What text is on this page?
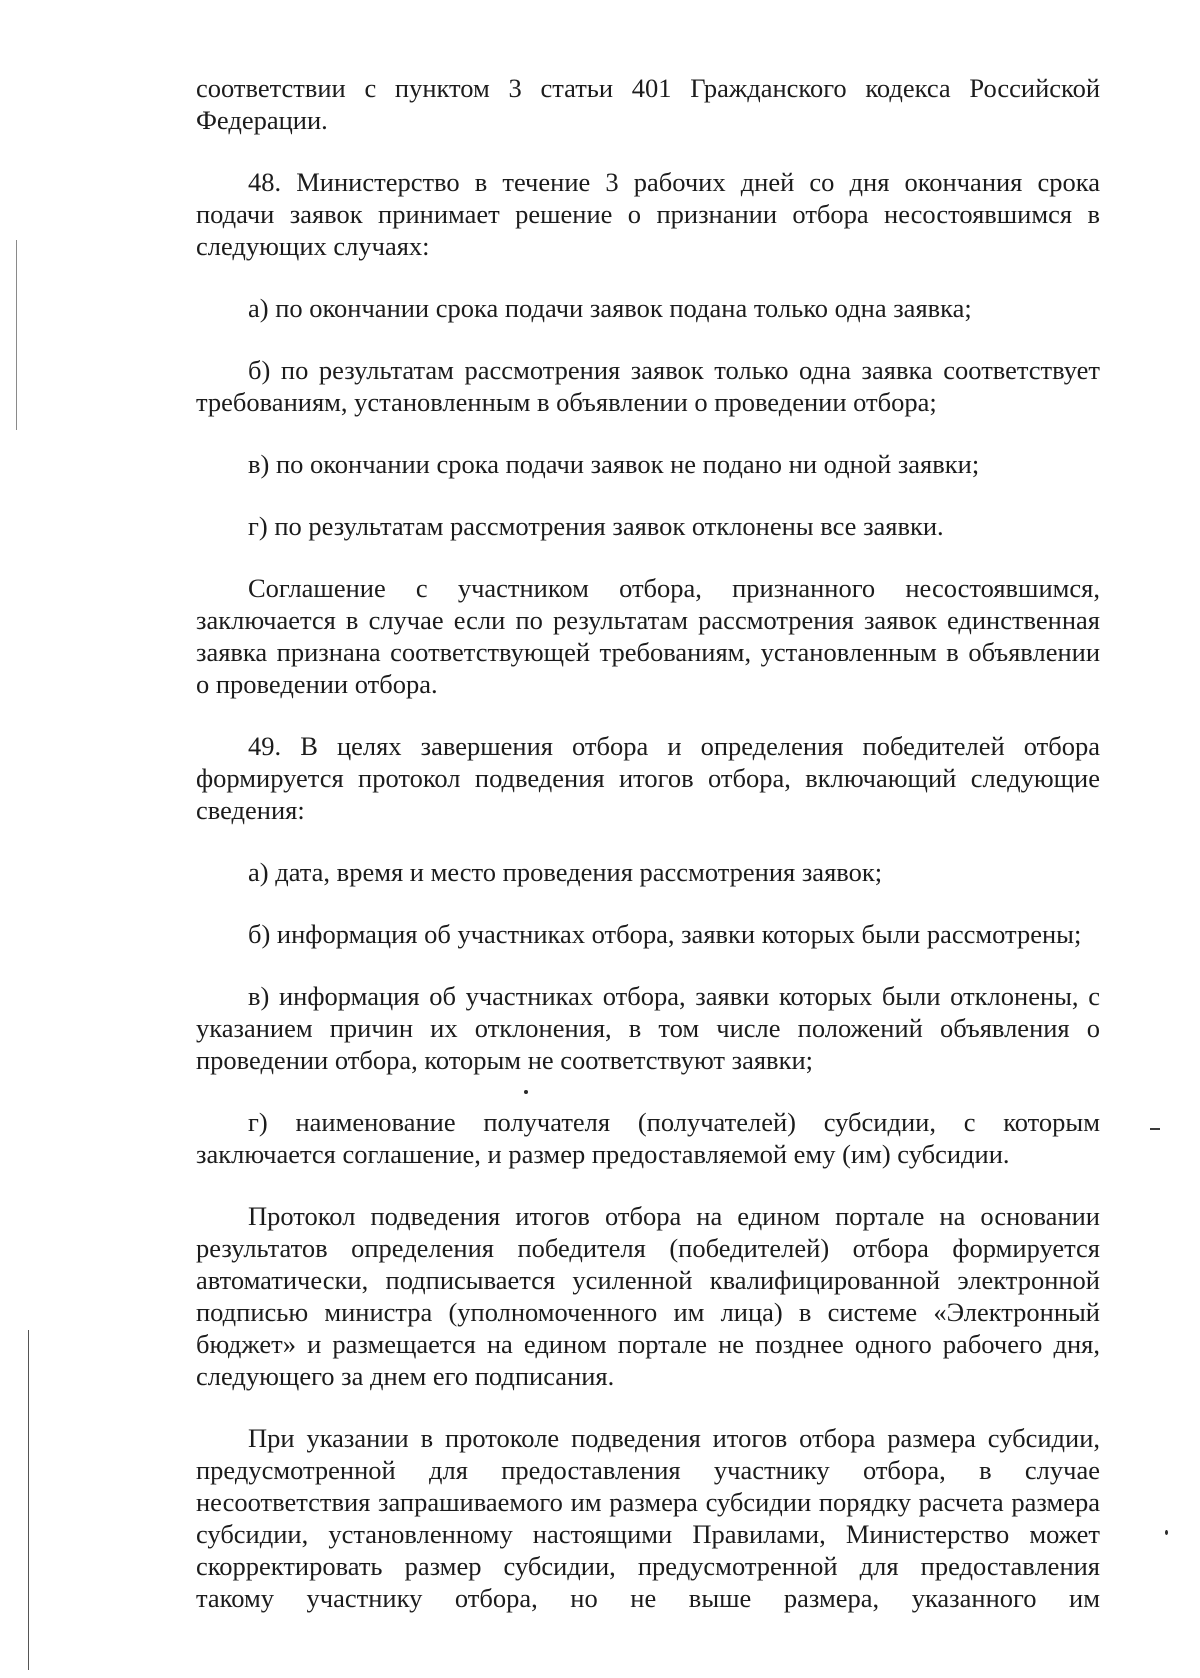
соответствии с пунктом 3 статьи 401 Гражданского кодекса Российской Федерации.

48. Министерство в течение 3 рабочих дней со дня окончания срока подачи заявок принимает решение о признании отбора несостоявшимся в следующих случаях:

а) по окончании срока подачи заявок подана только одна заявка;

б) по результатам рассмотрения заявок только одна заявка соответствует требованиям, установленным в объявлении о проведении отбора;

в) по окончании срока подачи заявок не подано ни одной заявки;

г) по результатам рассмотрения заявок отклонены все заявки.

Соглашение с участником отбора, признанного несостоявшимся, заключается в случае если по результатам рассмотрения заявок единственная заявка признана соответствующей требованиям, установленным в объявлении о проведении отбора.

49. В целях завершения отбора и определения победителей отбора формируется протокол подведения итогов отбора, включающий следующие сведения:

а) дата, время и место проведения рассмотрения заявок;

б) информация об участниках отбора, заявки которых были рассмотрены;

в) информация об участниках отбора, заявки которых были отклонены, с указанием причин их отклонения, в том числе положений объявления о проведении отбора, которым не соответствуют заявки;

г) наименование получателя (получателей) субсидии, с которым заключается соглашение, и размер предоставляемой ему (им) субсидии.

Протокол подведения итогов отбора на едином портале на основании результатов определения победителя (победителей) отбора формируется автоматически, подписывается усиленной квалифицированной электронной подписью министра (уполномоченного им лица) в системе «Электронный бюджет» и размещается на едином портале не позднее одного рабочего дня, следующего за днем его подписания.

При указании в протоколе подведения итогов отбора размера субсидии, предусмотренной для предоставления участнику отбора, в случае несоответствия запрашиваемого им размера субсидии порядку расчета размера субсидии, установленному настоящими Правилами, Министерство может скорректировать размер субсидии, предусмотренной для предоставления такому участнику отбора, но не выше размера, указанного им
